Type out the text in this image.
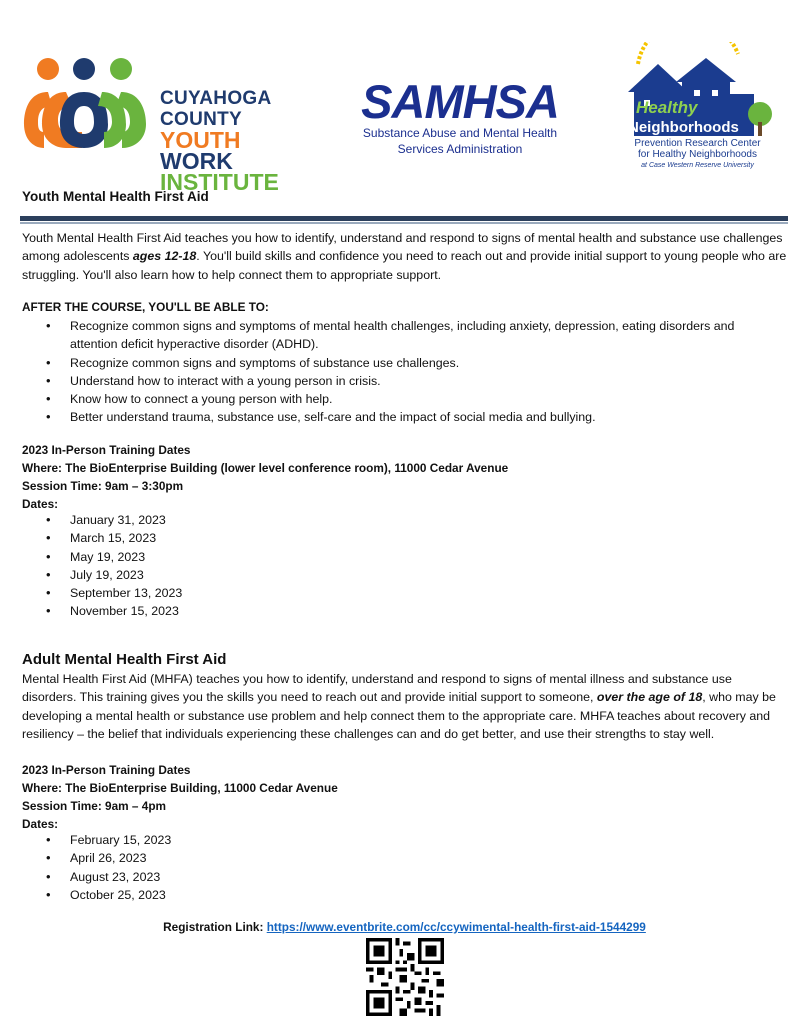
CUYAHOGA COUNTY
YOUTH WORK
INSTITUTE
SAMHSA
Substance Abuse and Mental Health
Services Administration
Healthy
Neighborhoods
Prevention Research Center
for Healthy Neighborhoods
at Case Western Reserve University
Youth Mental Health First Aid
Youth Mental Health First Aid teaches you how to identify, understand and respond to signs of mental health and substance use challenges among adolescents ages 12-18. You'll build skills and confidence you need to reach out and provide initial support to young people who are struggling. You'll also learn how to help connect them to appropriate support.
AFTER THE COURSE, YOU'LL BE ABLE TO:
• Recognize common signs and symptoms of mental health challenges, including anxiety, depression, eating disorders and attention deficit hyperactive disorder (ADHD).
• Recognize common signs and symptoms of substance use challenges.
• Understand how to interact with a young person in crisis.
• Know how to connect a young person with help.
• Better understand trauma, substance use, self-care and the impact of social media and bullying.
2023 In-Person Training Dates
Where: The BioEnterprise Building (lower level conference room), 11000 Cedar Avenue
Session Time: 9am – 3:30pm
Dates:
• January 31, 2023
• March 15, 2023
• May 19, 2023
• July 19, 2023
• September 13, 2023
• November 15, 2023
Adult Mental Health First Aid
Mental Health First Aid (MHFA) teaches you how to identify, understand and respond to signs of mental illness and substance use disorders. This training gives you the skills you need to reach out and provide initial support to someone, over the age of 18, who may be developing a mental health or substance use problem and help connect them to the appropriate care. MHFA teaches about recovery and resiliency – the belief that individuals experiencing these challenges can and do get better, and use their strengths to stay well.
2023 In-Person Training Dates
Where: The BioEnterprise Building, 11000 Cedar Avenue
Session Time: 9am – 4pm
Dates:
• February 15, 2023
• April 26, 2023
• August 23, 2023
• October 25, 2023
Registration Link: https://www.eventbrite.com/cc/ccywimental-health-first-aid-1544299
